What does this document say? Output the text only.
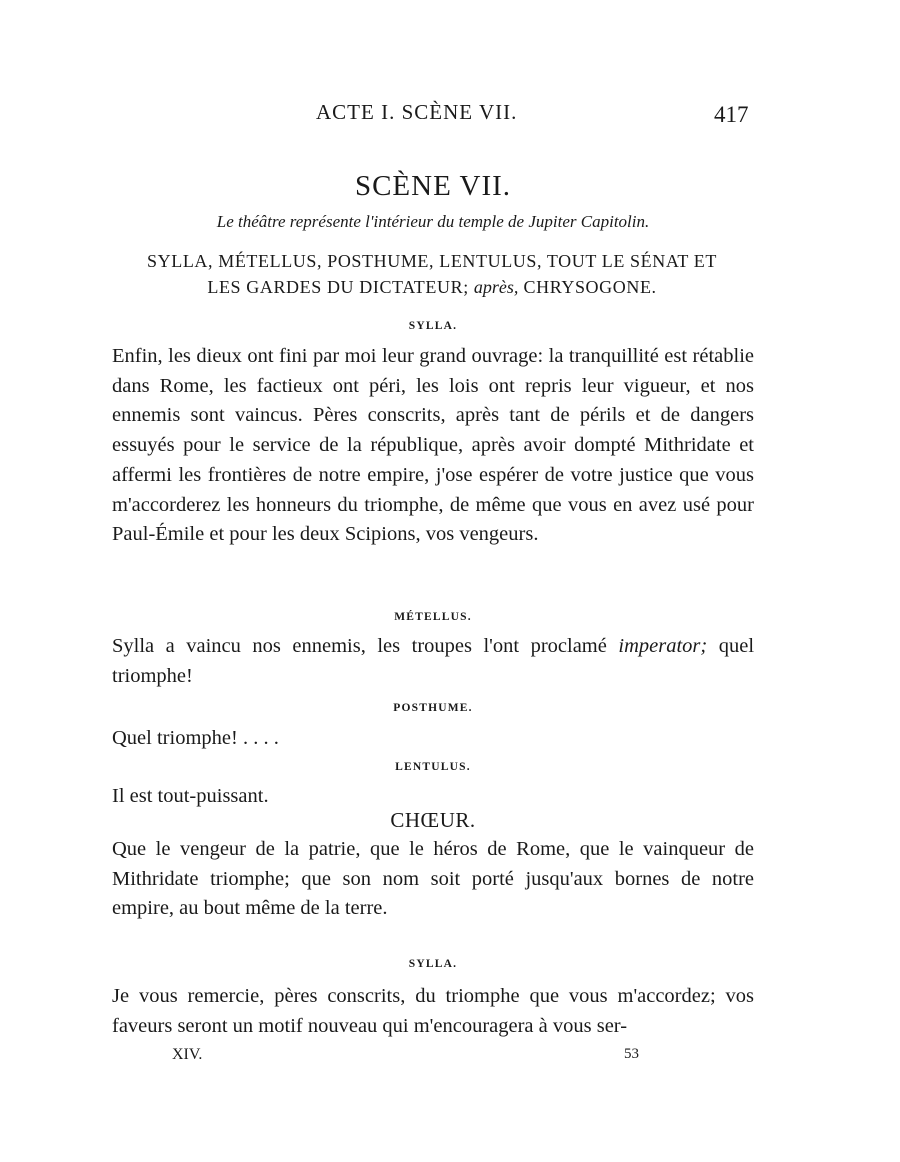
ACTE I. SCÈNE VII.	417
SCÈNE VII.
Le théâtre représente l'intérieur du temple de Jupiter Capitolin.
SYLLA, MÉTELLUS, POSTHUME, LENTULUS, TOUT LE SÉNAT ET
LES GARDES DU DICTATEUR; après, CHRYSOGONE.
SYLLA.
Enfin, les dieux ont fini par moi leur grand ouvrage: la tranquillité est rétablie dans Rome, les factieux ont péri, les lois ont repris leur vigueur, et nos ennemis sont vaincus. Pères conscrits, après tant de périls et de dangers essuyés pour le service de la république, après avoir dompté Mithridate et affermi les frontières de notre empire, j'ose espérer de votre justice que vous m'accorderez les honneurs du triomphe, de même que vous en avez usé pour Paul-Émile et pour les deux Scipions, vos vengeurs.
MÉTELLUS.
Sylla a vaincu nos ennemis, les troupes l'ont proclamé imperator; quel triomphe!
POSTHUME.
Quel triomphe! . . . .
LENTULUS.
Il est tout-puissant.
CHŒUR.
Que le vengeur de la patrie, que le héros de Rome, que le vainqueur de Mithridate triomphe; que son nom soit porté jusqu'aux bornes de notre empire, au bout même de la terre.
SYLLA.
Je vous remercie, pères conscrits, du triomphe que vous m'accordez; vos faveurs seront un motif nouveau qui m'encouragera à vous ser-
XIV.	53
